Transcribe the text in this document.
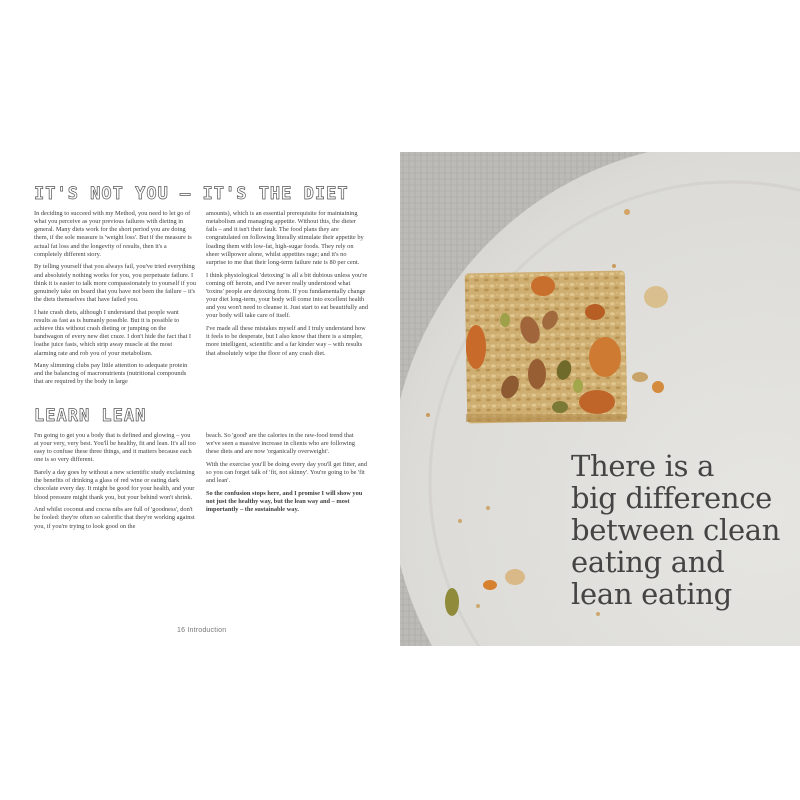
IT'S NOT YOU – IT'S THE DIET

In deciding to succeed with my Method, you need to let go of what you perceive as your previous failures with dieting in general. Many diets work for the short period you are doing them, if the sole measure is 'weight loss'. But if the measure is actual fat loss and the longevity of results, then it's a completely different story.

By telling yourself that you always fail, you've tried everything and absolutely nothing works for you, you perpetuate failure. I think it is easier to talk more compassionately to yourself if you genuinely take on board that you have not been the failure – it's the diets themselves that have failed you.

I hate crash diets, although I understand that people want results as fast as is humanly possible. But it is possible to achieve this without crash dieting or jumping on the bandwagon of every new diet craze. I don't hide the fact that I loathe juice fasts, which strip away muscle at the most alarming rate and rob you of your metabolism.

Many slimming clubs pay little attention to adequate protein and the balancing of macronutrients (nutritional compounds that are required by the body in large

amounts), which is an essential prerequisite for maintaining metabolism and managing appetite. Without this, the dieter fails – and it isn't their fault. The food plans they are congratulated on following literally stimulate their appetite by loading them with low-fat, high-sugar foods. They rely on sheer willpower alone, whilst appetites rage; and it's no surprise to me that their long-term failure rate is 80 per cent.

I think physiological 'detoxing' is all a bit dubious unless you're coming off heroin, and I've never really understood what 'toxins' people are detoxing from. If you fundamentally change your diet long-term, your body will come into excellent health and you won't need to cleanse it. Just start to eat beautifully and your body will take care of itself.

I've made all these mistakes myself and I truly understand how it feels to be desperate, but I also know that there is a simpler, more intelligent, scientific and a far kinder way – with results that absolutely wipe the floor of any crash diet.

LEARN LEAN

I'm going to get you a body that is defined and glowing – you at your very, very best. You'll be healthy, fit and lean. It's all too easy to confuse these three things, and it matters because each one is so very different.

Barely a day goes by without a new scientific study exclaiming the benefits of drinking a glass of red wine or eating dark chocolate every day. It might be good for your health, and your blood pressure might thank you, but your behind won't shrink.

And whilst coconut and cocoa nibs are full of 'goodness', don't be fooled: they're often so calorific that they're working against you, if you're trying to look good on the

beach. So 'good' are the calories in the raw-food trend that we've seen a massive increase in clients who are following these diets and are now 'organically overweight'.

With the exercise you'll be doing every day you'll get fitter, and so you can forget talk of 'fit, not skinny'. You're going to be 'fit and lean'.

So the confusion stops here, and I promise I will show you not just the healthy way, but the lean way and – most importantly – the sustainable way.

16 Introduction
There is a
big difference
between clean
eating and
lean eating
